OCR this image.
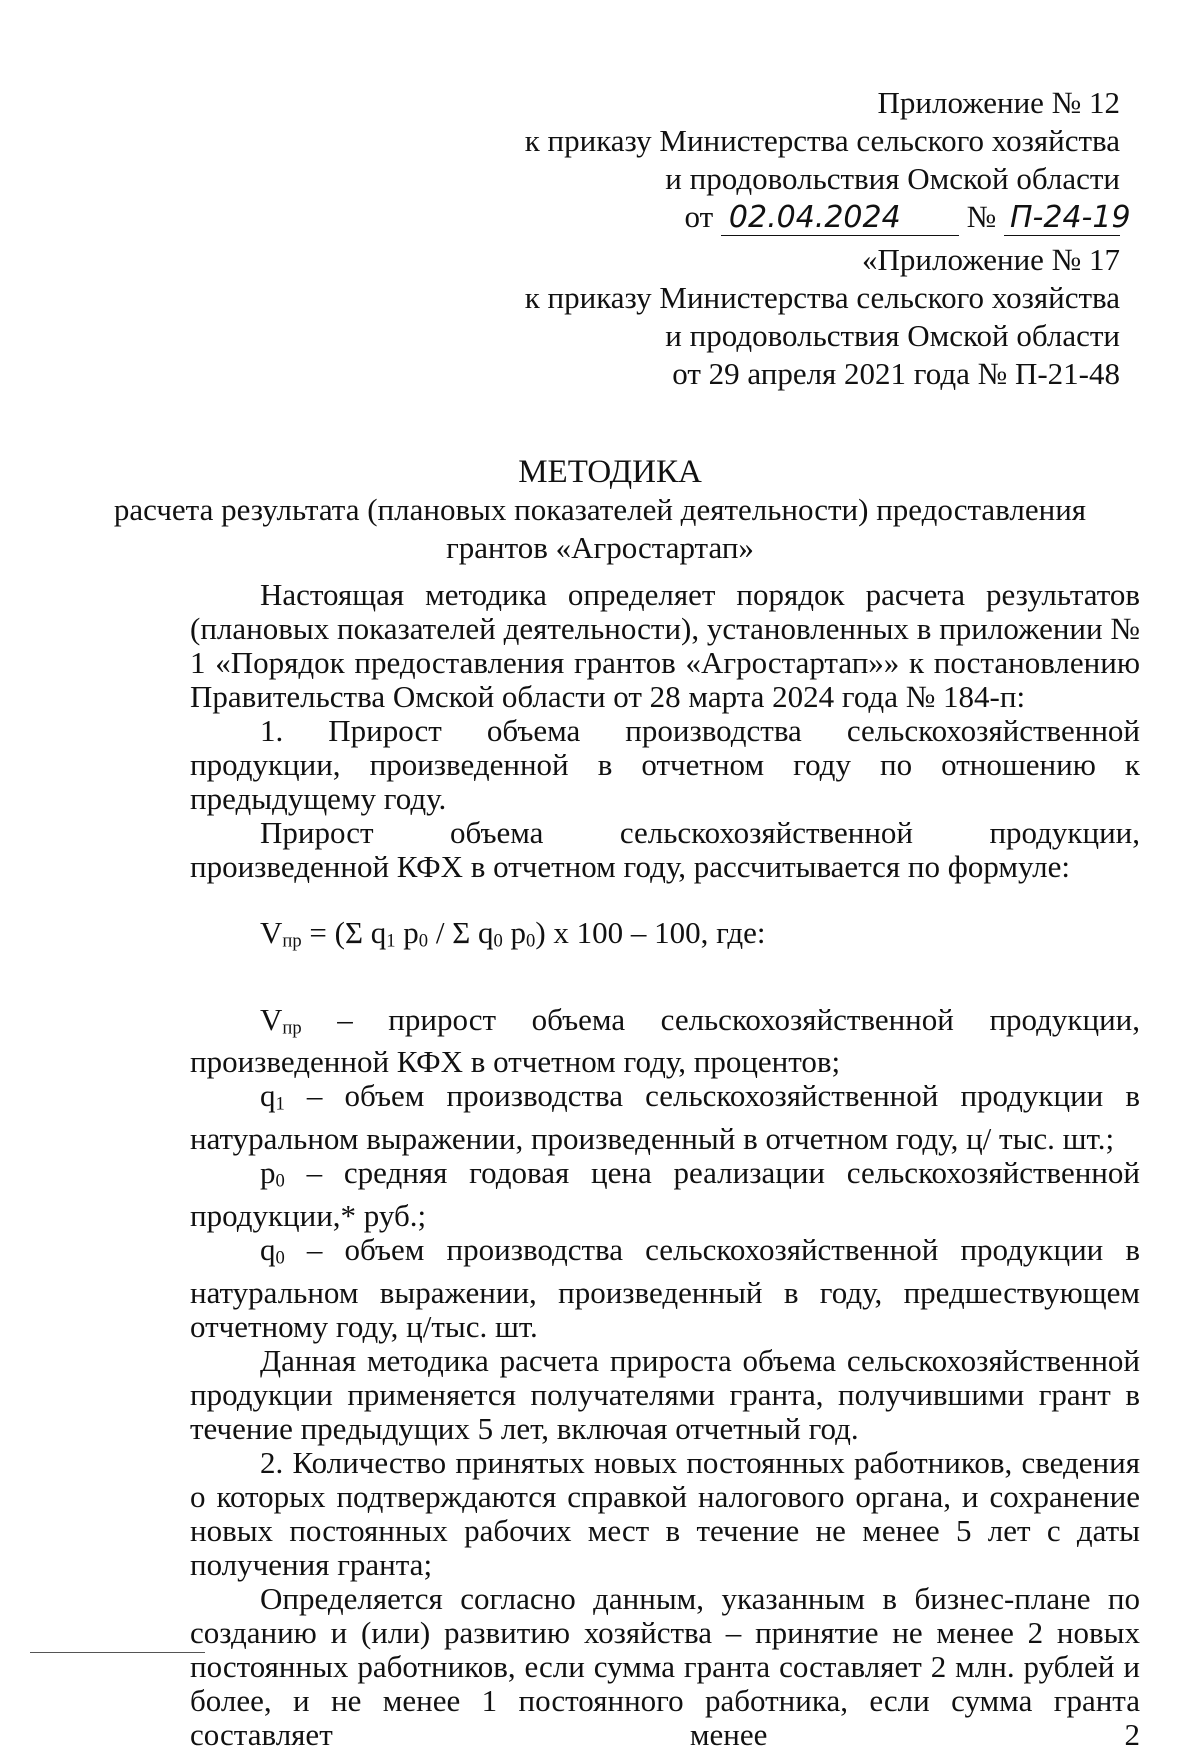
Приложение № 12
к приказу Министерства сельского хозяйства
и продовольствия Омской области
от 02.04.2024 № П-24-19
«Приложение № 17
к приказу Министерства сельского хозяйства
и продовольствия Омской области
от 29 апреля 2021 года № П-21-48
МЕТОДИКА
расчета результата (плановых показателей деятельности) предоставления
грантов «Агростартап»

Настоящая методика определяет порядок расчета результатов (плановых показателей деятельности), установленных в приложении № 1 «Порядок предоставления грантов «Агростартап»» к постановлению Правительства Омской области от 28 марта 2024 года № 184-п:

1. Прирост объема производства сельскохозяйственной продукции, произведенной в отчетном году по отношению к предыдущему году.

Прирост объема сельскохозяйственной продукции, произведенной КФХ в отчетном году, рассчитывается по формуле:

$V_{пр} = (\Sigma$ $q_1$ $p_0$ / Σ $q_0$ $p_0$) x 100 – 100, где:

$V_{пр}$ – прирост объема сельскохозяйственной продукции, произведенной КФХ в отчетном году, процентов;

$q_1$ – объем производства сельскохозяйственной продукции в натуральном выражении, произведенный в отчетном году, ц/ тыс. шт.;

$p_0$ – средняя годовая цена реализации сельскохозяйственной продукции,* руб.;

$q_0$ – объем производства сельскохозяйственной продукции в натуральном выражении, произведенный в году, предшествующем отчетному году, ц/тыс. шт.

Данная методика расчета прироста объема сельскохозяйственной продукции применяется получателями гранта, получившими грант в течение предыдущих 5 лет, включая отчетный год.

2. Количество принятых новых постоянных работников, сведения о которых подтверждаются справкой налогового органа, и сохранение новых постоянных рабочих мест в течение не менее 5 лет с даты получения гранта;

Определяется согласно данным, указанным в бизнес-плане по созданию и (или) развитию хозяйства – принятие не менее 2 новых постоянных работников, если сумма гранта составляет 2 млн. рублей и более, и не менее 1 постоянного работника, если сумма гранта составляет менее 2
